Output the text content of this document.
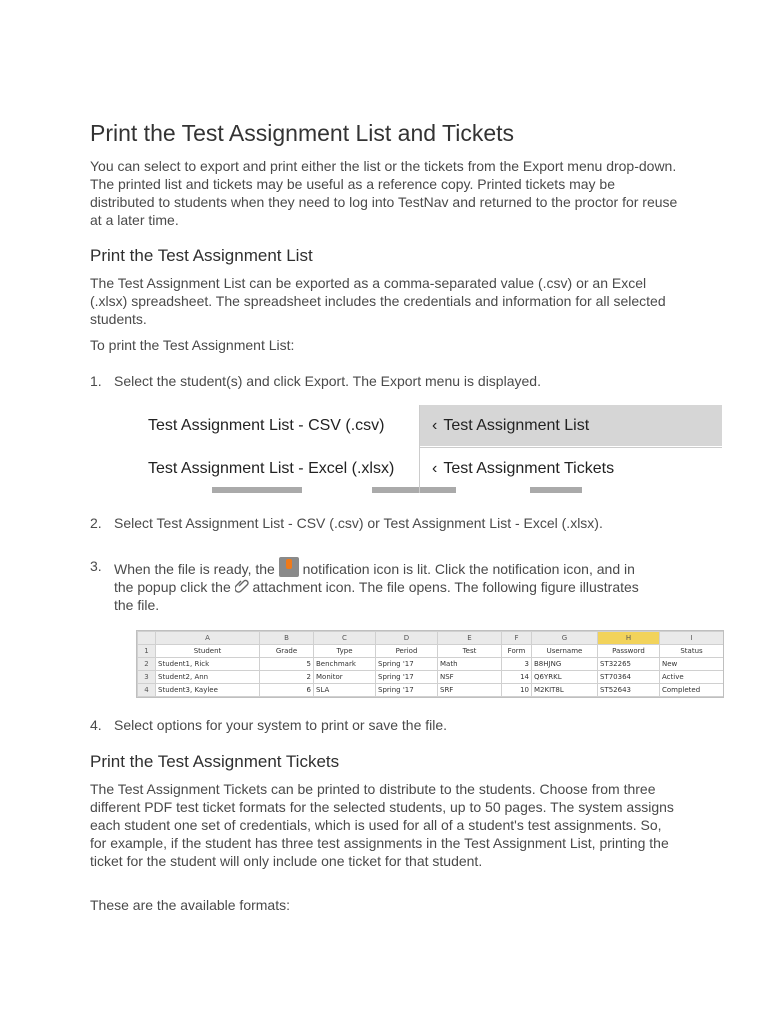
Print the Test Assignment List and Tickets

You can select to export and print either the list or the tickets from the Export menu drop-down. The printed list and tickets may be useful as a reference copy. Printed tickets may be distributed to students when they need to log into TestNav and returned to the proctor for reuse at a later time.

Print the Test Assignment List

The Test Assignment List can be exported as a comma-separated value (.csv) or an Excel (.xlsx) spreadsheet. The spreadsheet includes the credentials and information for all selected students.

To print the Test Assignment List:

1. Select the student(s) and click Export. The Export menu is displayed.

2. Select Test Assignment List - CSV (.csv) or Test Assignment List - Excel (.xlsx).

3. When the file is ready, the notification icon is lit. Click the notification icon, and in the popup click the attachment icon. The file opens. The following figure illustrates the file.

4. Select options for your system to print or save the file.

Print the Test Assignment Tickets

The Test Assignment Tickets can be printed to distribute to the students. Choose from three different PDF test ticket formats for the selected students, up to 50 pages. The system assigns each student one set of credentials, which is used for all of a student's test assignments. So, for example, if the student has three test assignments in the Test Assignment List, printing the ticket for the student will only include one ticket for that student.

These are the available formats:

Test Assignment List - CSV (.csv)
Test Assignment List - Excel (.xlsx)
‹ Test Assignment List
‹ Test Assignment Tickets
	A	B	C	D	E	F	G	H	I
1	Student	Grade	Type	Period	Test	Form	Username	Password	Status
2	Student1, Rick	5	Benchmark	Spring '17	Math	3	B8HJNG	ST32265	New
3	Student2, Ann	2	Monitor	Spring '17	NSF	14	Q6YRKL	ST70364	Active
4	Student3, Kaylee	6	SLA	Spring '17	SRF	10	M2KIT8L	ST52643	Completed
